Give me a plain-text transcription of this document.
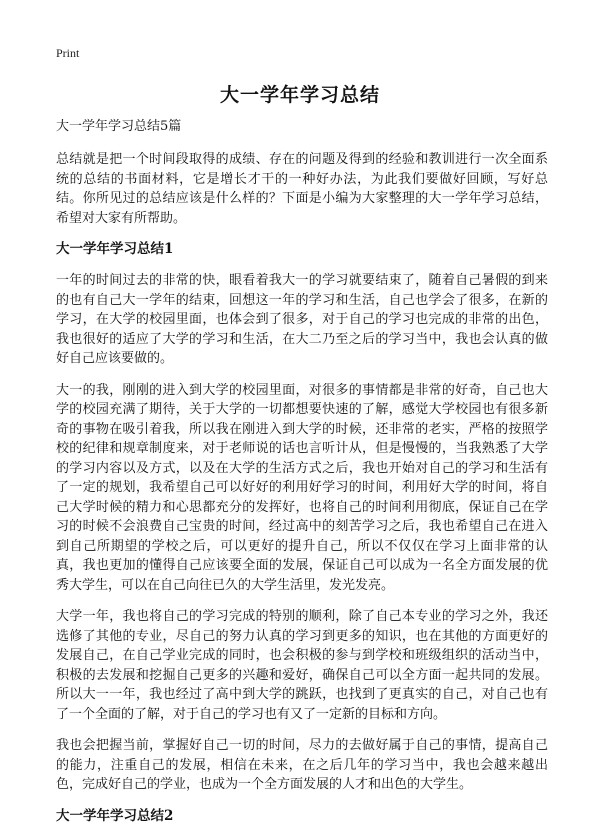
Print
大一学年学习总结
大一学年学习总结5篇
总结就是把一个时间段取得的成绩、存在的问题及得到的经验和教训进行一次全面系统的总结的书面材料，它是增长才干的一种好办法，为此我们要做好回顾，写好总结。你所见过的总结应该是什么样的？下面是小编为大家整理的大一学年学习总结，希望对大家有所帮助。
大一学年学习总结1
一年的时间过去的非常的快，眼看着我大一的学习就要结束了，随着自己暑假的到来的也有自己大一学年的结束，回想这一年的学习和生活，自己也学会了很多，在新的学习，在大学的校园里面，也体会到了很多，对于自己的学习也完成的非常的出色，我也很好的适应了大学的学习和生活，在大二乃至之后的学习当中，我也会认真的做好自己应该要做的。
大一的我，刚刚的进入到大学的校园里面，对很多的事情都是非常的好奇，自己也大学的校园充满了期待，关于大学的一切都想要快速的了解，感觉大学校园也有很多新奇的事物在吸引着我，所以我在刚进入到大学的时候，还非常的老实，严格的按照学校的纪律和规章制度来，对于老师说的话也言听计从，但是慢慢的，当我熟悉了大学的学习内容以及方式，以及在大学的生活方式之后，我也开始对自己的学习和生活有了一定的规划，我希望自己可以好好的利用好学习的时间，利用好大学的时间，将自己大学时候的精力和心思都充分的发挥好，也将自己的时间利用彻底，保证自己在学习的时候不会浪费自己宝贵的时间，经过高中的刻苦学习之后，我也希望自己在进入到自己所期望的学校之后，可以更好的提升自己，所以不仅仅在学习上面非常的认真，我也更加的懂得自己应该要全面的发展，保证自己可以成为一名全方面发展的优秀大学生，可以在自己向往已久的大学生活里，发光发亮。
大学一年，我也将自己的学习完成的特别的顺利，除了自己本专业的学习之外，我还选修了其他的专业，尽自己的努力认真的学习到更多的知识，也在其他的方面更好的发展自己，在自己学业完成的同时，也会积极的参与到学校和班级组织的活动当中，积极的去发展和挖掘自己更多的兴趣和爱好，确保自己可以全方面一起共同的发展。所以大一一年，我也经过了高中到大学的跳跃，也找到了更真实的自己，对自己也有了一个全面的了解，对于自己的学习也有又了一定新的目标和方向。
我也会把握当前，掌握好自己一切的时间，尽力的去做好属于自己的事情，提高自己的能力，注重自己的发展，相信在未来，在之后几年的学习当中，我也会越来越出色，完成好自己的学业，也成为一个全方面发展的人才和出色的大学生。
大一学年学习总结2
